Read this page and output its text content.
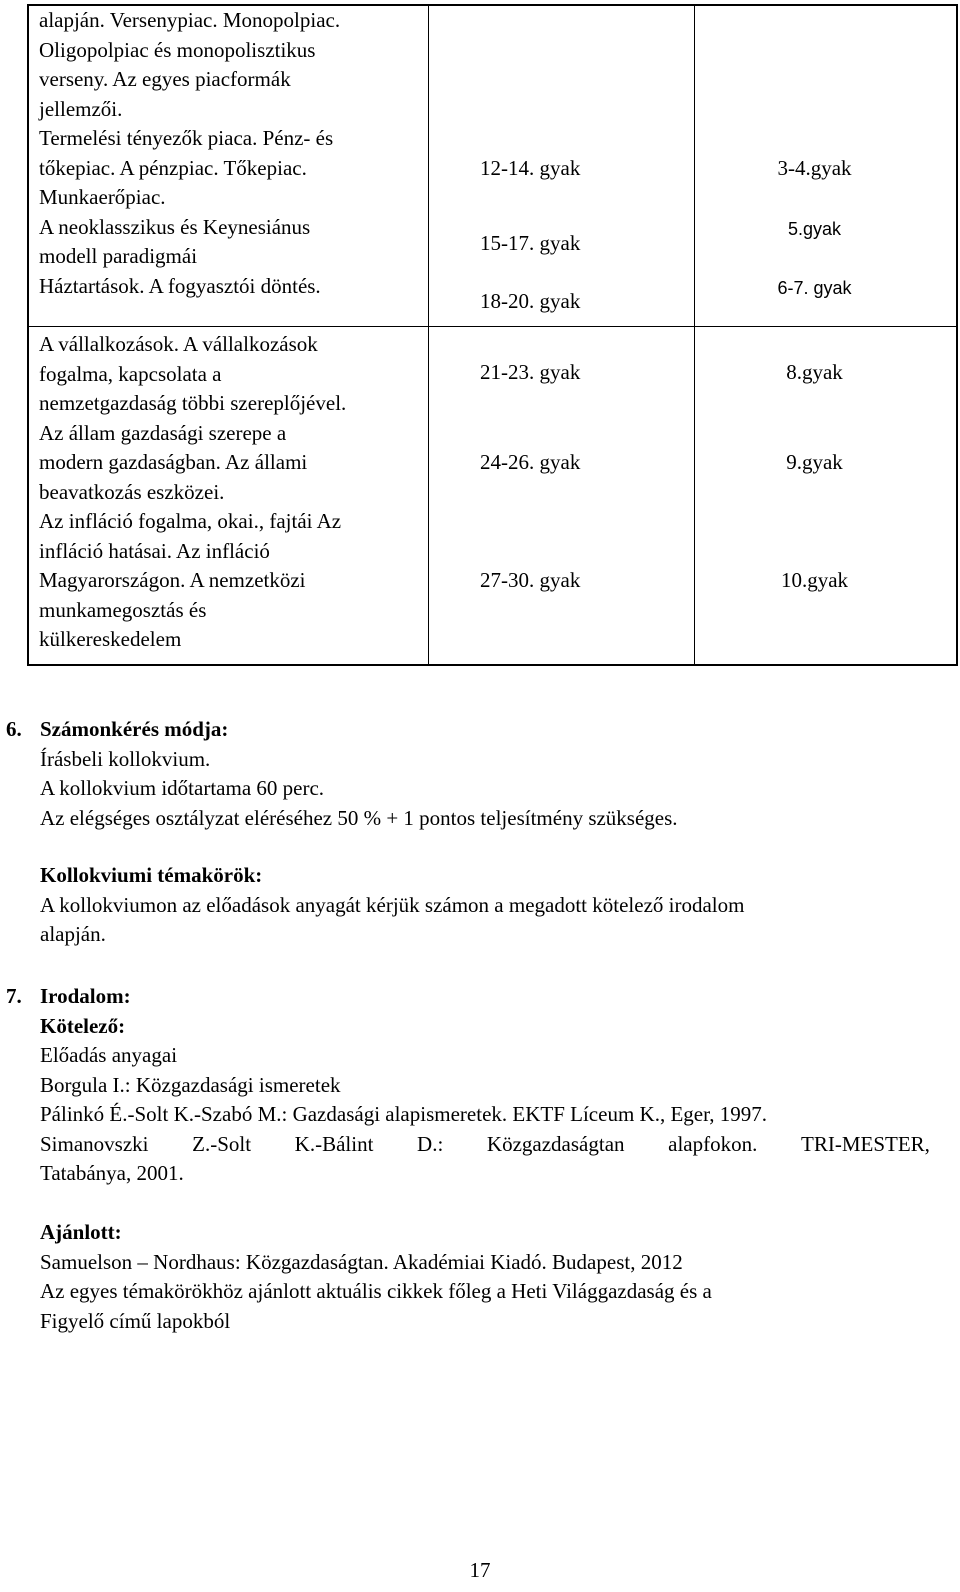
alapján. Versenypiac. Monopolpiac.
Oligopolpiac és monopolisztikus
verseny. Az egyes piacformák
jellemzői.
Termelési tényezők piaca. Pénz- és
tőkepiac. A pénzpiac. Tőkepiac.
Munkaerőpiac.
A neoklasszikus és Keynesiánus
modell paradigmái
Háztartások. A fogyasztói döntés.
A vállalkozások. A vállalkozások
fogalma, kapcsolata a
nemzetgazdaság többi szereplőjével.
Az állam gazdasági szerepe a
modern gazdaságban. Az állami
beavatkozás eszközei.
Az infláció fogalma, okai., fajtái Az
infláció hatásai. Az infláció
Magyarországon. A nemzetközi
munkamegosztás és
külkereskedelem
12-14. gyak
15-17. gyak
18-20. gyak
21-23. gyak
24-26. gyak
27-30. gyak
3-4.gyak
5.gyak
6-7. gyak
8.gyak
9.gyak
10.gyak
6. Számonkérés módja:
Írásbeli kollokvium.
A kollokvium időtartama 60 perc.
Az elégséges osztályzat eléréséhez 50 % + 1 pontos teljesítmény szükséges.
Kollokviumi témakörök:
A kollokviumon az előadások anyagát kérjük számon a megadott kötelező irodalom
alapján.
7. Irodalom:
Kötelező:
Előadás anyagai
Borgula I.: Közgazdasági ismeretek
Pálinkó É.-Solt K.-Szabó M.: Gazdasági alapismeretek. EKTF Líceum K., Eger, 1997.
Simanovszki Z.-Solt K.-Bálint D.: Közgazdaságtan alapfokon. TRI-MESTER,
Tatabánya, 2001.
Ajánlott:
Samuelson – Nordhaus: Közgazdaságtan. Akadémiai Kiadó. Budapest, 2012
Az egyes témakörökhöz ajánlott aktuális cikkek főleg a Heti Világgazdaság és a
Figyelő című lapokból
17
